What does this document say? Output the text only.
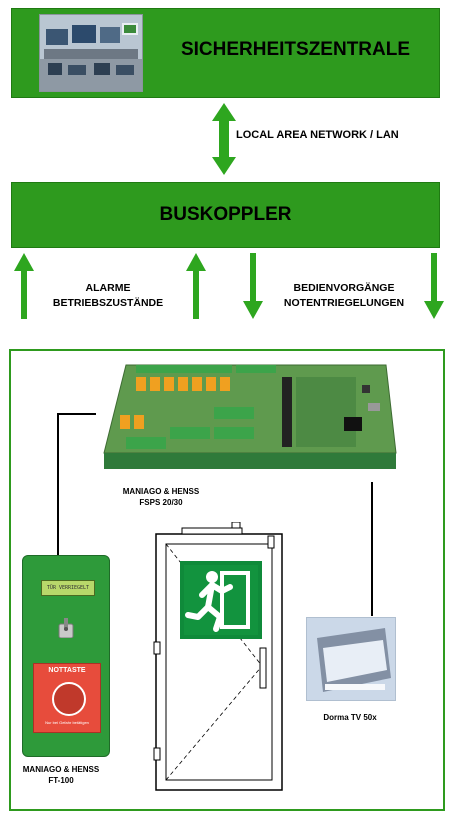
SICHERHEITSZENTRALE
LOCAL AREA NETWORK / LAN
BUSKOPPLER
ALARME
BETRIEBSZUSTÄNDE
BEDIENVORGÄNGE
NOTENTRIEGELUNGEN
MANIAGO & HENSS
FSPS 20/30
TÜR VERRIEGELT
NOTTASTE
Nur bei Gefahr betätigen
MANIAGO & HENSS
FT-100
Dorma TV 50x
